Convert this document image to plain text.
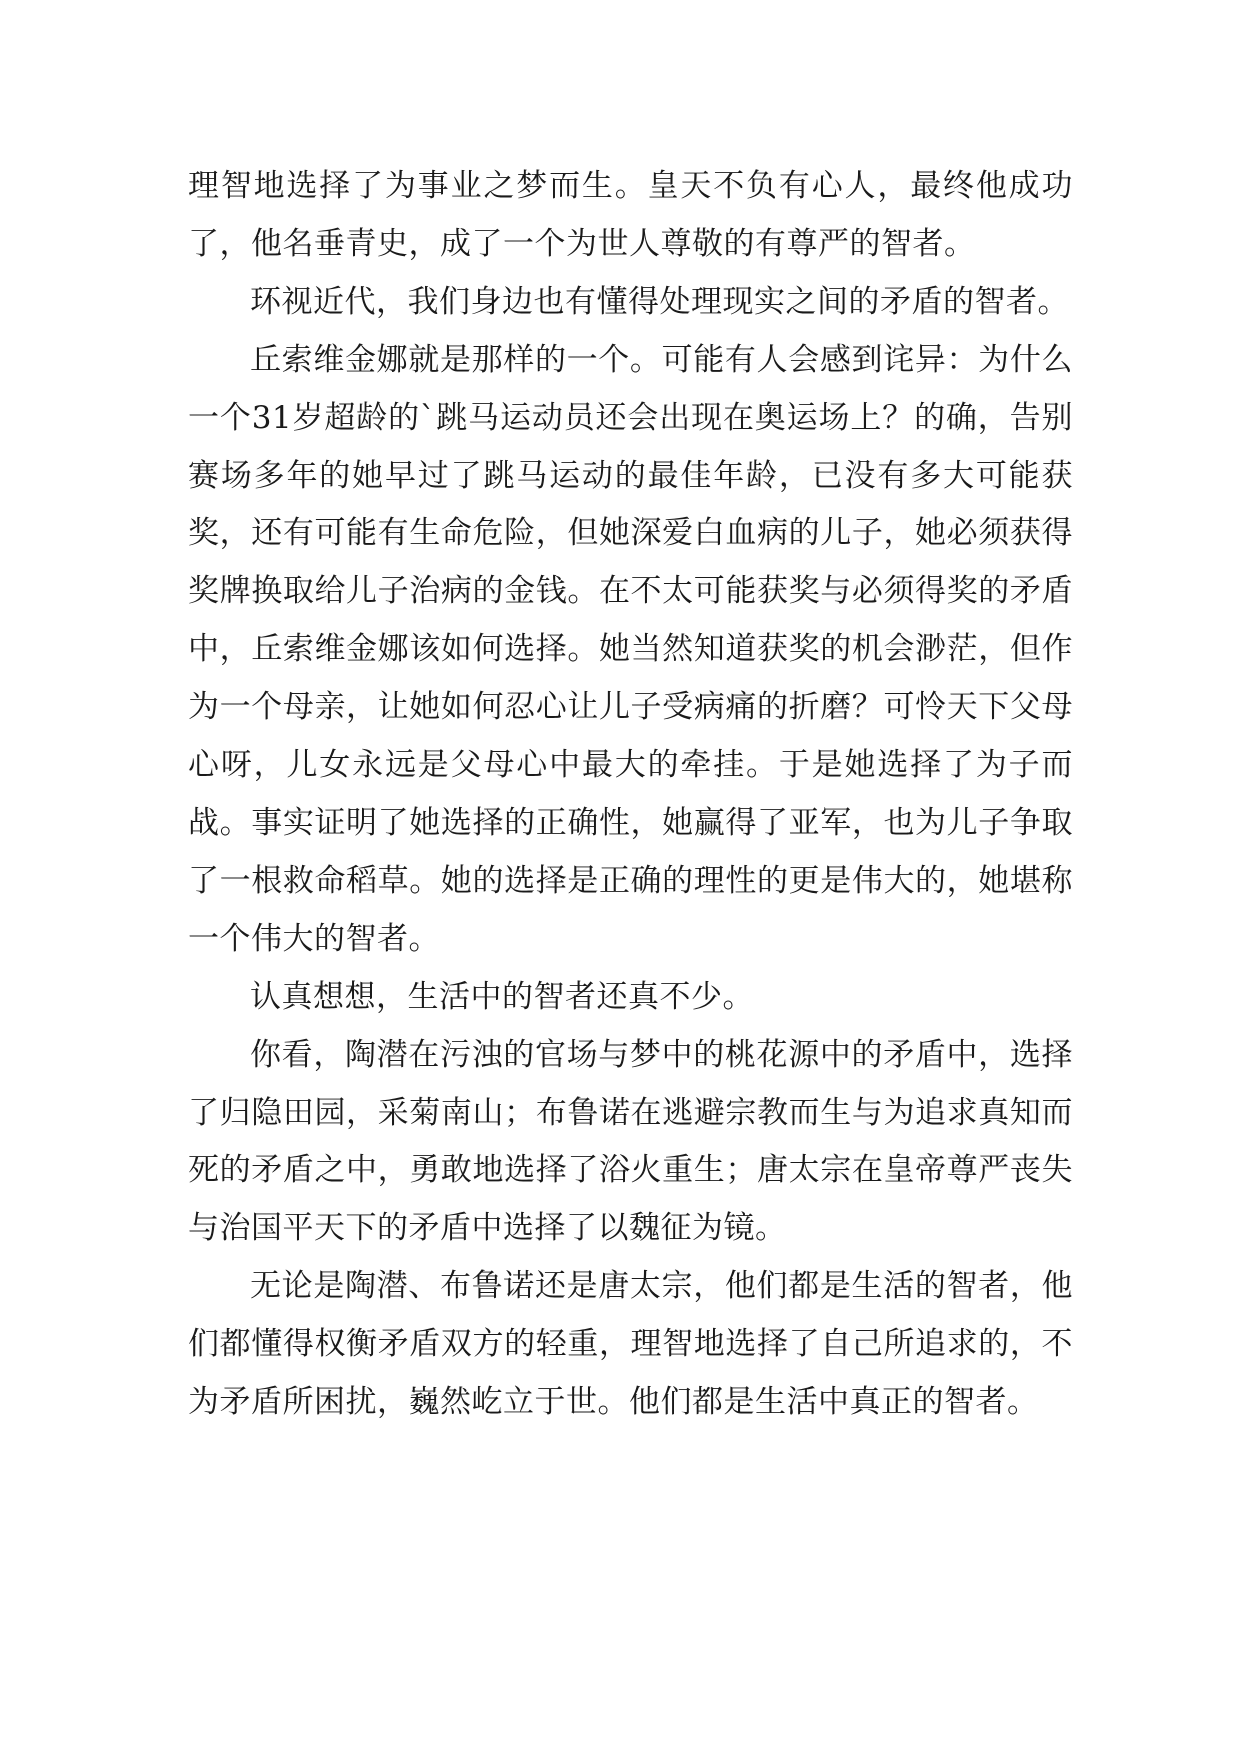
理智地选择了为事业之梦而生。皇天不负有心人，最终他成功了，他名垂青史，成了一个为世人尊敬的有尊严的智者。

环视近代，我们身边也有懂得处理现实之间的矛盾的智者。

丘索维金娜就是那样的一个。可能有人会感到诧异：为什么一个31岁超龄的`跳马运动员还会出现在奥运场上？的确，告别赛场多年的她早过了跳马运动的最佳年龄，已没有多大可能获奖，还有可能有生命危险，但她深爱白血病的儿子，她必须获得奖牌换取给儿子治病的金钱。在不太可能获奖与必须得奖的矛盾中，丘索维金娜该如何选择。她当然知道获奖的机会渺茫，但作为一个母亲，让她如何忍心让儿子受病痛的折磨？可怜天下父母心呀，儿女永远是父母心中最大的牵挂。于是她选择了为子而战。事实证明了她选择的正确性，她赢得了亚军，也为儿子争取了一根救命稻草。她的选择是正确的理性的更是伟大的，她堪称一个伟大的智者。

认真想想，生活中的智者还真不少。

你看，陶潜在污浊的官场与梦中的桃花源中的矛盾中，选择了归隐田园，采菊南山；布鲁诺在逃避宗教而生与为追求真知而死的矛盾之中，勇敢地选择了浴火重生；唐太宗在皇帝尊严丧失与治国平天下的矛盾中选择了以魏征为镜。

无论是陶潜、布鲁诺还是唐太宗，他们都是生活的智者，他们都懂得权衡矛盾双方的轻重，理智地选择了自己所追求的，不为矛盾所困扰，巍然屹立于世。他们都是生活中真正的智者。
